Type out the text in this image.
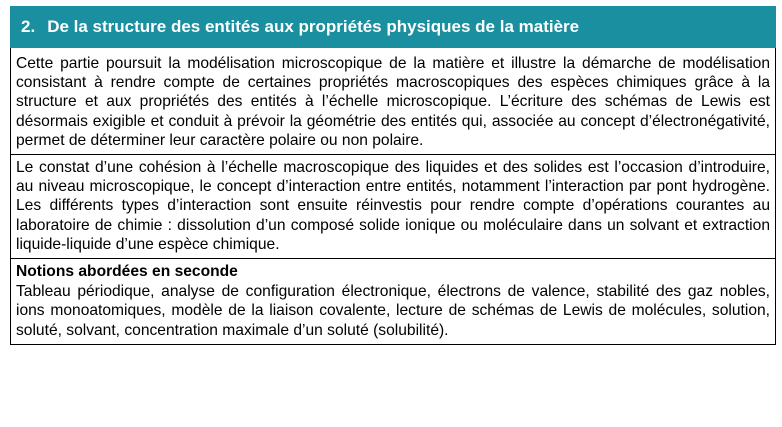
2. De la structure des entités aux propriétés physiques de la matière

Cette partie poursuit la modélisation microscopique de la matière et illustre la démarche de modélisation consistant à rendre compte de certaines propriétés macroscopiques des espèces chimiques grâce à la structure et aux propriétés des entités à l’échelle microscopique. L’écriture des schémas de Lewis est désormais exigible et conduit à prévoir la géométrie des entités qui, associée au concept d’électronégativité, permet de déterminer leur caractère polaire ou non polaire.

Le constat d’une cohésion à l’échelle macroscopique des liquides et des solides est l’occasion d’introduire, au niveau microscopique, le concept d’interaction entre entités, notamment l’interaction par pont hydrogène. Les différents types d’interaction sont ensuite réinvestis pour rendre compte d’opérations courantes au laboratoire de chimie : dissolution d’un composé solide ionique ou moléculaire dans un solvant et extraction liquide-liquide d’une espèce chimique.

Notions abordées en seconde

Tableau périodique, analyse de configuration électronique, électrons de valence, stabilité des gaz nobles, ions monoatomiques, modèle de la liaison covalente, lecture de schémas de Lewis de molécules, solution, soluté, solvant, concentration maximale d’un soluté (solubilité).
